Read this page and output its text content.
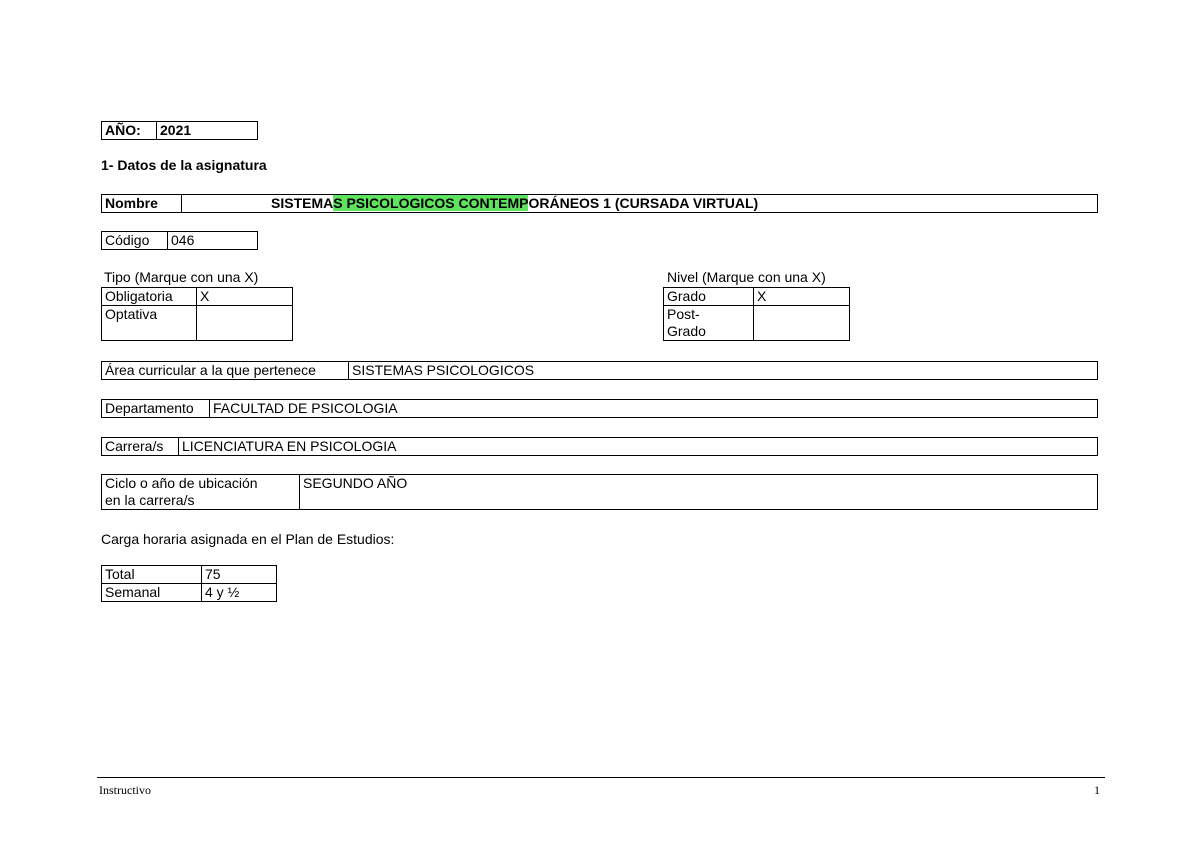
AÑO:	2021
1- Datos de la asignatura
Nombre	SISTEMAS PSICOLOGICOS CONTEMPORÁNEOS 1 (CURSADA VIRTUAL)
Código	046
Tipo (Marque con una X)
Obligatoria	X
Optativa	
Nivel (Marque con una X)
Grado	X

Post-
Grado	

Área curricular a la que pertenece	SISTEMAS PSICOLOGICOS
Departamento	FACULTAD DE PSICOLOGIA
Carrera/s	LICENCIATURA EN PSICOLOGIA
Ciclo o año de ubicación
en la carrera/s
	SEGUNDO AÑO
Carga horaria asignada en el Plan de Estudios:
Total	75
Semanal	4 y ½
Instructivo	1
